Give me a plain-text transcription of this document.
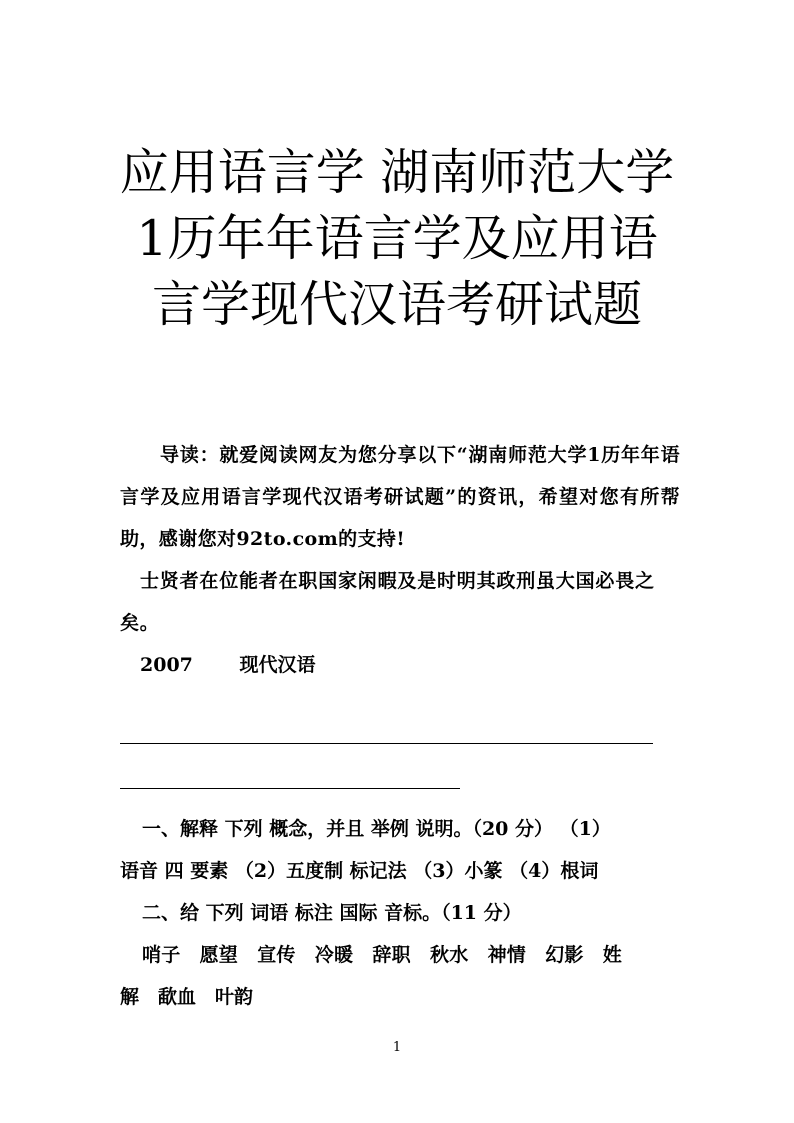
应用语言学 湖南师范大学
1历年年语言学及应用语
言学现代汉语考研试题

导读：就爱阅读网友为您分享以下“湖南师范大学1历年年语言学及应用语言学现代汉语考研试题”的资讯，希望对您有所帮助，感谢您对92to.com的支持!

士贤者在位能者在职国家闲暇及是时明其政刑虽大国必畏之矣。

2007 现代汉语

一、解释 下列 概念，并且 举例 说明。（20 分） （1）

语音 四 要素 （2）五度制 标记法 （3）小篆 （4）根词

二、给 下列 词语 标注 国际 音标。（11 分）

哨子　愿望　宣传　冷暖　辞职　秋水　神情　幻影　姓

解　歃血　叶韵

1
